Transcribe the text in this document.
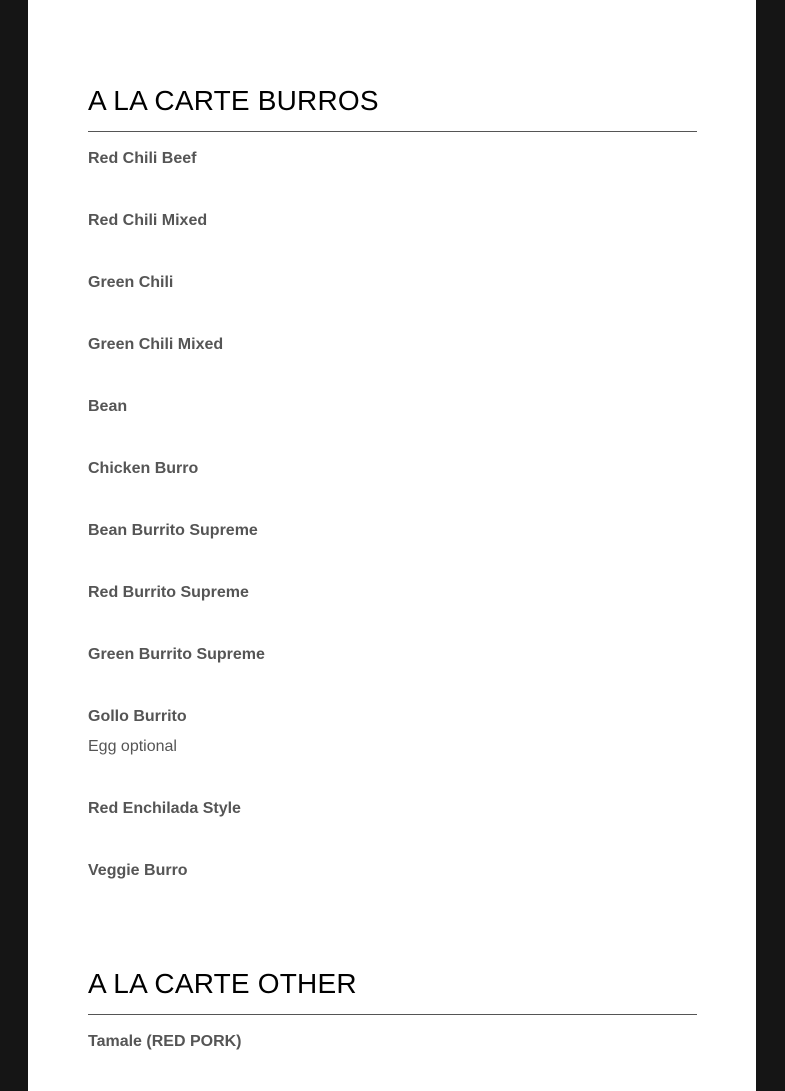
A LA CARTE BURROS
Red Chili Beef
Red Chili Mixed
Green Chili
Green Chili Mixed
Bean
Chicken Burro
Bean Burrito Supreme
Red Burrito Supreme
Green Burrito Supreme
Gollo Burrito
Egg optional
Red Enchilada Style
Veggie Burro
A LA CARTE OTHER
Tamale (RED PORK)
